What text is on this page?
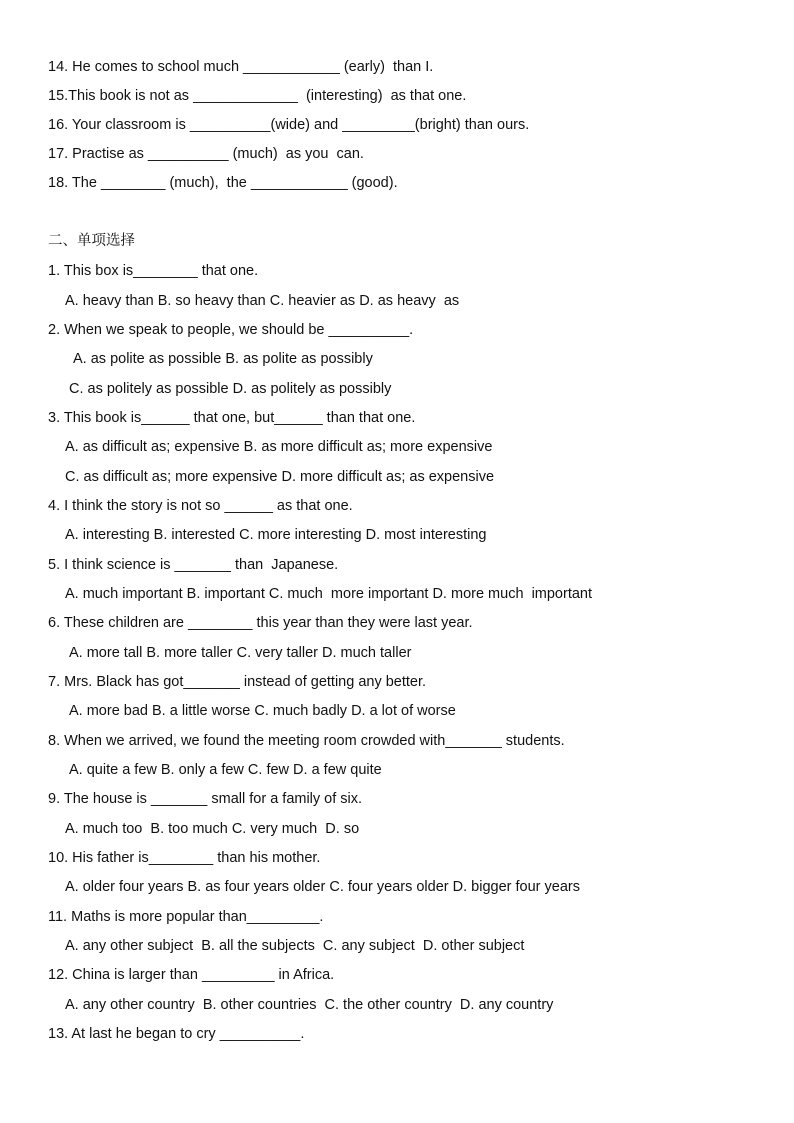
14. He comes to school much ____________ (early)  than I.
15.This book is not as _____________  (interesting)  as that one.
16. Your classroom is __________(wide) and _________(bright) than ours.
17. Practise as __________ (much)  as you  can.
18. The ________ (much),  the ____________ (good).
二、单项选择
1. This box is________ that one.
A. heavy than B. so heavy than C. heavier as D. as heavy  as
2. When we speak to people, we should be __________.
A. as polite as possible B. as polite as possibly
C. as politely as possible D. as politely as possibly
3. This book is______ that one, but______ than that one.
A. as difficult as; expensive B. as more difficult as; more expensive
C. as difficult as; more expensive D. more difficult as; as expensive
4. I think the story is not so ______ as that one.
A. interesting B. interested C. more interesting D. most interesting
5. I think science is _______ than  Japanese.
A. much important B. important C. much  more important D. more much  important
6. These children are ________ this year than they were last year.
A. more tall B. more taller C. very taller D. much taller
7. Mrs. Black has got_______ instead of getting any better.
A. more bad B. a little worse C. much badly D. a lot of worse
8. When we arrived, we found the meeting room crowded with_______ students.
A. quite a few B. only a few C. few D. a few quite
9. The house is _______ small for a family of six.
A. much too  B. too much C. very much  D. so
10. His father is________ than his mother.
A. older four years B. as four years older C. four years older D. bigger four years
11. Maths is more popular than_________.
A. any other subject  B. all the subjects  C. any subject  D. other subject
12. China is larger than _________ in Africa.
A. any other country  B. other countries  C. the other country  D. any country
13. At last he began to cry __________.
